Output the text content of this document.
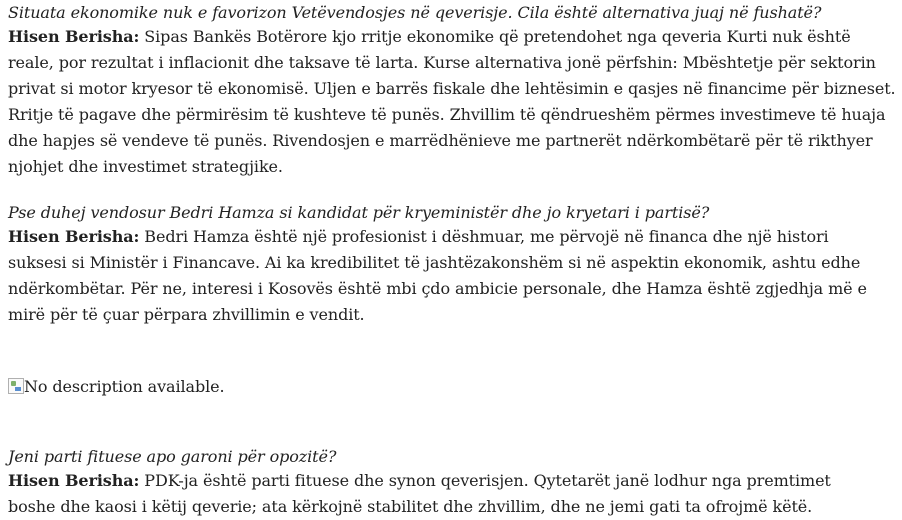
Situata ekonomike nuk e favorizon Vetëvendosjes në qeverisje. Cila është alternativa juaj në fushatë?

Hisen Berisha: Sipas Bankës Botërore kjo rritje ekonomike që pretendohet nga qeveria Kurti nuk është
reale, por rezultat i inflacionit dhe taksave të larta. Kurse alternativa jonë përfshin: Mbështetje për sektorin
privat si motor kryesor të ekonomisë. Uljen e barrës fiskale dhe lehtësimin e qasjes në financime për bizneset.
Rritje të pagave dhe përmirësim të kushteve të punës. Zhvillim të qëndrueshëm përmes investimeve të huaja
dhe hapjes së vendeve të punës. Rivendosjen e marrëdhënieve me partnerët ndërkombëtarë për të rikthyer
njohjet dhe investimet strategjike.

Pse duhej vendosur Bedri Hamza si kandidat për kryeministër dhe jo kryetari i partisë?

Hisen Berisha: Bedri Hamza është një profesionist i dëshmuar, me përvojë në financa dhe një histori
suksesi si Ministër i Financave. Ai ka kredibilitet të jashtëzakonshëm si në aspektin ekonomik, ashtu edhe
ndërkombëtar. Për ne, interesi i Kosovës është mbi çdo ambicie personale, dhe Hamza është zgjedhja më e
mirë për të çuar përpara zhvillimin e vendit.

No description available.

Jeni parti fituese apo garoni për opozitë?

Hisen Berisha: PDK-ja është parti fituese dhe synon qeverisjen. Qytetarët janë lodhur nga premtimet
boshe dhe kaosi i këtij qeverie; ata kërkojnë stabilitet dhe zhvillim, dhe ne jemi gati ta ofrojmë këtë.
